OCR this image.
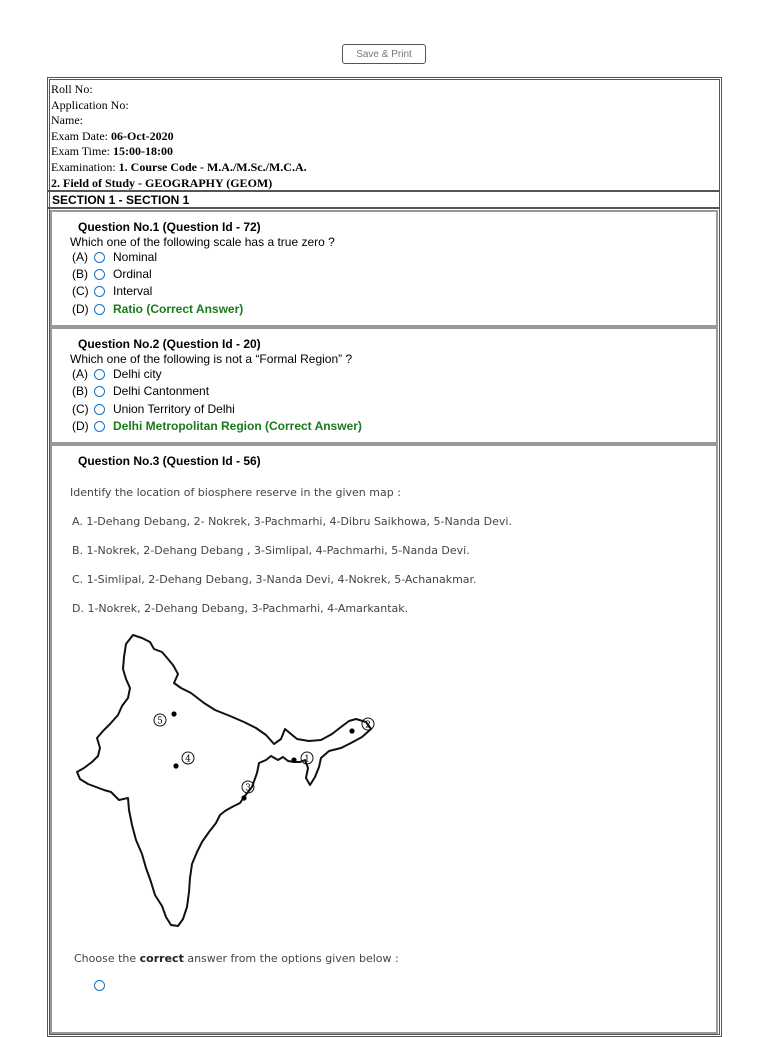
Save & Print
Roll No:
Application No:
Name:
Exam Date: 06-Oct-2020
Exam Time: 15:00-18:00
Examination: 1. Course Code - M.A./M.Sc./M.C.A.
2. Field of Study - GEOGRAPHY (GEOM)
SECTION 1 - SECTION 1
Question No.1 (Question Id - 72)
Which one of the following scale has a true zero ?
(A)	Nominal
(B)	Ordinal
(C)	Interval
(D)	Ratio (Correct Answer)
Question No.2 (Question Id - 20)
Which one of the following is not a “Formal Region” ?
(A)	Delhi city
(B)	Delhi Cantonment
(C)	Union Territory of Delhi
(D)	Delhi Metropolitan Region (Correct Answer)
Question No.3 (Question Id - 56)
Identify the location of biosphere reserve in the given map :
A. 1-Dehang Debang, 2- Nokrek, 3-Pachmarhi, 4-Dibru Saikhowa, 5-Nanda Devi.
B. 1-Nokrek, 2-Dehang Debang , 3-Simlipal, 4-Pachmarhi, 5-Nanda Devi.
C. 1-Simlipal, 2-Dehang Debang, 3-Nanda Devi, 4-Nokrek, 5-Achanakmar.
D. 1-Nokrek, 2-Dehang Debang, 3-Pachmarhi, 4-Amarkantak.
5
4
3
1
2
Choose the correct answer from the options given below :
